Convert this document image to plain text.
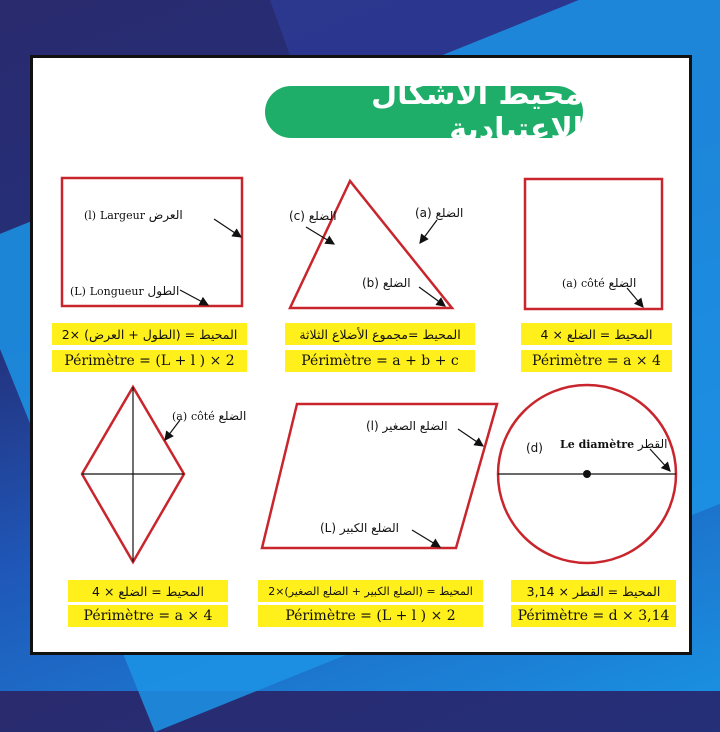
محيط الأشكال الاعتيادية
(l) Largeur العرض
(L) Longueur الطول
(c) الضلع	(a) الضلع
(b) الضلع	(a) côté الضلع
(a) côté الضلع
(l) الضلع الصغير
(L) الضلع الكبير
(d) Le diamètre القطر
المحيط = (الطول + العرض) ×2
Périmètre = (L + l ) × 2
المحيط =مجموع الأضلاع الثلاثة
Périmètre = a + b + c
المحيط = الضلع × 4
Périmètre = a × 4
المحيط = الضلع × 4
Périmètre = a × 4
المحيط = (الضلع الكبير + الضلع الصغير)×2
Périmètre = (L + l ) × 2
المحيط = القطر × 3,14
Périmètre = d × 3,14
